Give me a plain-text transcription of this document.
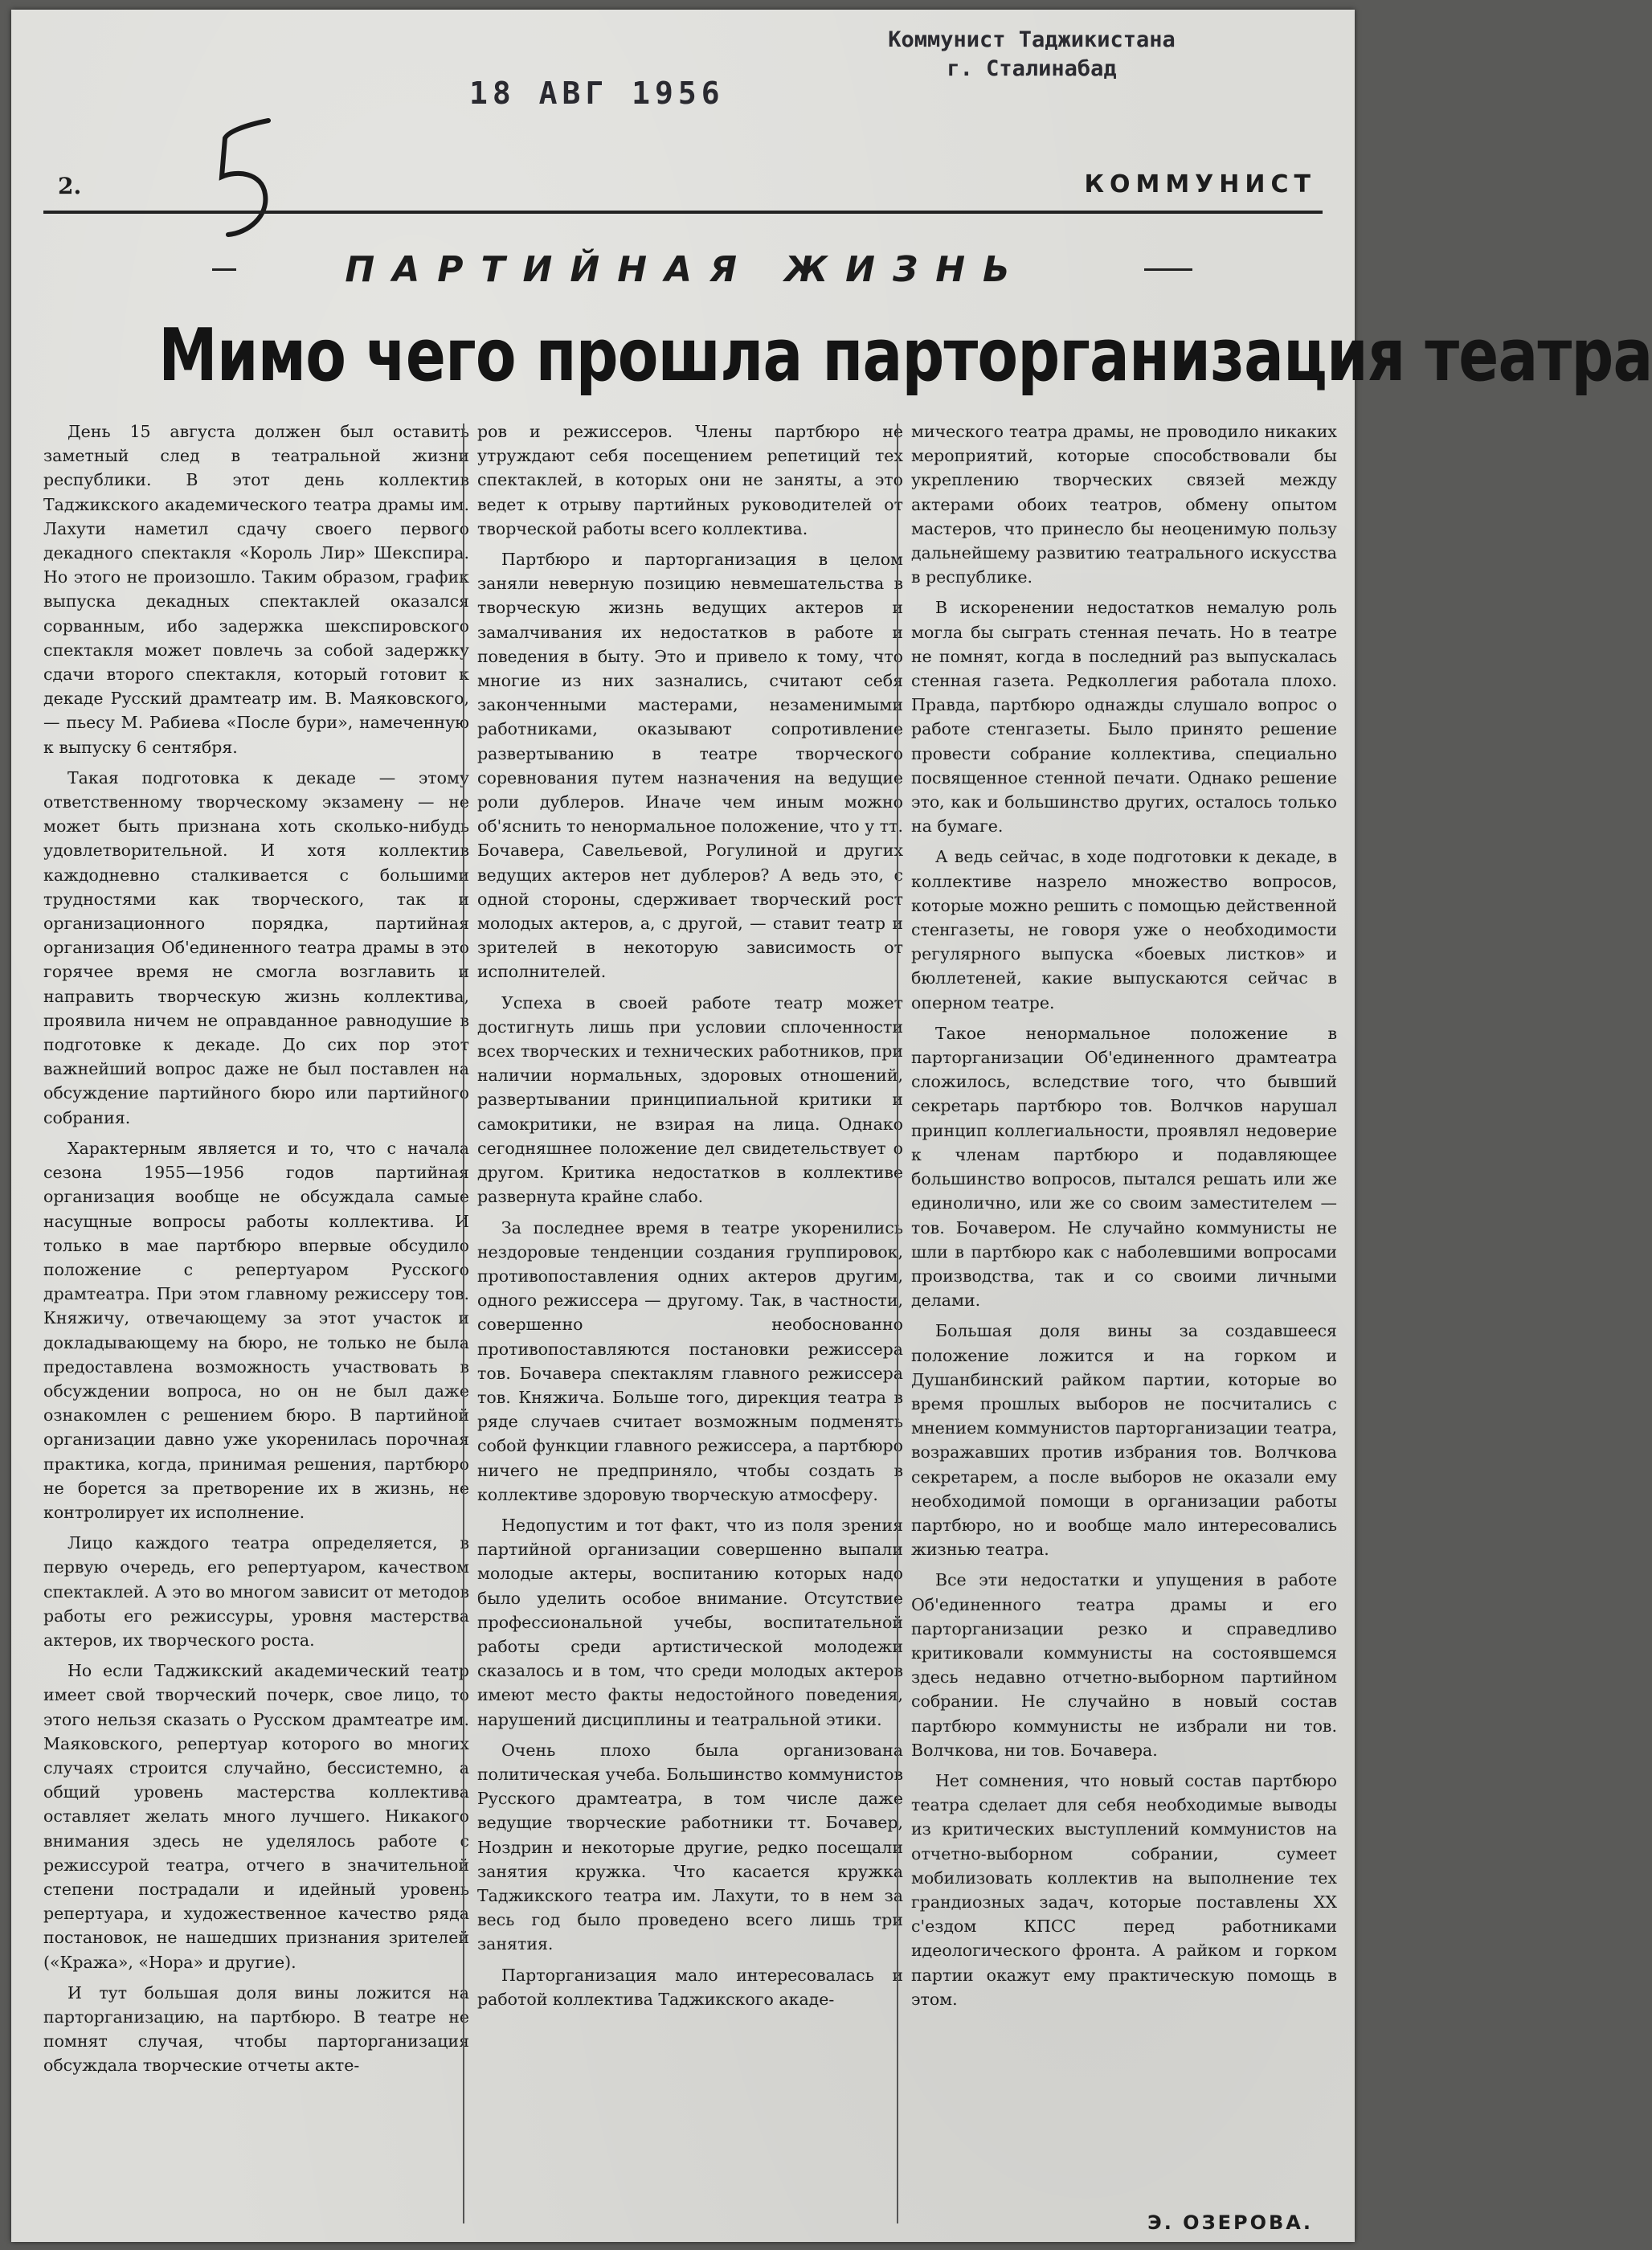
Коммунист Таджикистана
г. Сталинабад
18 АВГ 1956
2.	КОММУНИСТ
ПАРТИЙНАЯ ЖИЗНЬ
Мимо чего прошла парторганизация театра

День 15 августа должен был оставить заметный след в театральной жизни республики. В этот день коллектив Таджикского академического театра драмы им. Лахути наметил сдачу своего первого декадного спектакля «Король Лир» Шекспира. Но этого не произошло. Таким образом, график выпуска декадных спектаклей оказался сорванным, ибо задержка шекспировского спектакля может повлечь за собой задержку сдачи второго спектакля, который готовит к декаде Русский драмтеатр им. В. Маяковского, — пьесу М. Рабиева «После бури», намеченную к выпуску 6 сентября.

Такая подготовка к декаде — этому ответственному творческому экзамену — не может быть признана хоть сколько-нибудь удовлетворительной. И хотя коллектив каждодневно сталкивается с большими трудностями как творческого, так и организационного порядка, партийная организация Об'единенного театра драмы в это горячее время не смогла возглавить и направить творческую жизнь коллектива, проявила ничем не оправданное равнодушие в подготовке к декаде. До сих пор этот важнейший вопрос даже не был поставлен на обсуждение партийного бюро или партийного собрания.

Характерным является и то, что с начала сезона 1955—1956 годов партийная организация вообще не обсуждала самые насущные вопросы работы коллектива. И только в мае партбюро впервые обсудило положение с репертуаром Русского драмтеатра. При этом главному режиссеру тов. Княжичу, отвечающему за этот участок и докладывающему на бюро, не только не была предоставлена возможность участвовать в обсуждении вопроса, но он не был даже ознакомлен с решением бюро. В партийной организации давно уже укоренилась порочная практика, когда, принимая решения, партбюро не борется за претворение их в жизнь, не контролирует их исполнение.

Лицо каждого театра определяется, в первую очередь, его репертуаром, качеством спектаклей. А это во многом зависит от методов работы его режиссуры, уровня мастерства актеров, их творческого роста.

Но если Таджикский академический театр имеет свой творческий почерк, свое лицо, то этого нельзя сказать о Русском драмтеатре им. Маяковского, репертуар которого во многих случаях строится случайно, бессистемно, а общий уровень мастерства коллектива оставляет желать много лучшего. Никакого внимания здесь не уделялось работе с режиссурой театра, отчего в значительной степени пострадали и идейный уровень репертуара, и художественное качество ряда постановок, не нашедших признания зрителей («Кража», «Нора» и другие).

И тут большая доля вины ложится на парторганизацию, на партбюро. В театре не помнят случая, чтобы парторганизация обсуждала творческие отчеты акте-

ров и режиссеров. Члены партбюро не утруждают себя посещением репетиций тех спектаклей, в которых они не заняты, а это ведет к отрыву партийных руководителей от творческой работы всего коллектива.

Партбюро и парторганизация в целом заняли неверную позицию невмешательства в творческую жизнь ведущих актеров и замалчивания их недостатков в работе и поведения в быту. Это и привело к тому, что многие из них зазнались, считают себя законченными мастерами, незаменимыми работниками, оказывают сопротивление развертыванию в театре творческого соревнования путем назначения на ведущие роли дублеров. Иначе чем иным можно об'яснить то ненормальное положение, что у тт. Бочавера, Савельевой, Рогулиной и других ведущих актеров нет дублеров? А ведь это, с одной стороны, сдерживает творческий рост молодых актеров, а, с другой, — ставит театр и зрителей в некоторую зависимость от исполнителей.

Успеха в своей работе театр может достигнуть лишь при условии сплоченности всех творческих и технических работников, при наличии нормальных, здоровых отношений, развертывании принципиальной критики и самокритики, не взирая на лица. Однако сегодняшнее положение дел свидетельствует о другом. Критика недостатков в коллективе развернута крайне слабо.

За последнее время в театре укоренились нездоровые тенденции создания группировок, противопоставления одних актеров другим, одного режиссера — другому. Так, в частности, совершенно необоснованно противопоставляются постановки режиссера тов. Бочавера спектаклям главного режиссера тов. Княжича. Больше того, дирекция театра в ряде случаев считает возможным подменять собой функции главного режиссера, а партбюро ничего не предприняло, чтобы создать в коллективе здоровую творческую атмосферу.

Недопустим и тот факт, что из поля зрения партийной организации совершенно выпали молодые актеры, воспитанию которых надо было уделить особое внимание. Отсутствие профессиональной учебы, воспитательной работы среди артистической молодежи сказалось и в том, что среди молодых актеров имеют место факты недостойного поведения, нарушений дисциплины и театральной этики.

Очень плохо была организована политическая учеба. Большинство коммунистов Русского драмтеатра, в том числе даже ведущие творческие работники тт. Бочавер, Ноздрин и некоторые другие, редко посещали занятия кружка. Что касается кружка Таджикского театра им. Лахути, то в нем за весь год было проведено всего лишь три занятия.

Парторганизация мало интересовалась и работой коллектива Таджикского акаде-

мического театра драмы, не проводило никаких мероприятий, которые способствовали бы укреплению творческих связей между актерами обоих театров, обмену опытом мастеров, что принесло бы неоценимую пользу дальнейшему развитию театрального искусства в республике.

В искоренении недостатков немалую роль могла бы сыграть стенная печать. Но в театре не помнят, когда в последний раз выпускалась стенная газета. Редколлегия работала плохо. Правда, партбюро однажды слушало вопрос о работе стенгазеты. Было принято решение провести собрание коллектива, специально посвященное стенной печати. Однако решение это, как и большинство других, осталось только на бумаге.

А ведь сейчас, в ходе подготовки к декаде, в коллективе назрело множество вопросов, которые можно решить с помощью действенной стенгазеты, не говоря уже о необходимости регулярного выпуска «боевых листков» и бюллетеней, какие выпускаются сейчас в оперном театре.

Такое ненормальное положение в парторганизации Об'единенного драмтеатра сложилось, вследствие того, что бывший секретарь партбюро тов. Волчков нарушал принцип коллегиальности, проявлял недоверие к членам партбюро и подавляющее большинство вопросов, пытался решать или же единолично, или же со своим заместителем — тов. Бочавером. Не случайно коммунисты не шли в партбюро как с наболевшими вопросами производства, так и со своими личными делами.

Большая доля вины за создавшееся положение ложится и на горком и Душанбинский райком партии, которые во время прошлых выборов не посчитались с мнением коммунистов парторганизации театра, возражавших против избрания тов. Волчкова секретарем, а после выборов не оказали ему необходимой помощи в организации работы партбюро, но и вообще мало интересовались жизнью театра.

Все эти недостатки и упущения в работе Об'единенного театра драмы и его парторганизации резко и справедливо критиковали коммунисты на состоявшемся здесь недавно отчетно-выборном партийном собрании. Не случайно в новый состав партбюро коммунисты не избрали ни тов. Волчкова, ни тов. Бочавера.

Нет сомнения, что новый состав партбюро театра сделает для себя необходимые выводы из критических выступлений коммунистов на отчетно-выборном собрании, сумеет мобилизовать коллектив на выполнение тех грандиозных задач, которые поставлены XX с'ездом КПСС перед работниками идеологического фронта. А райком и горком партии окажут ему практическую помощь в этом.

Э. ОЗЕРОВА.
